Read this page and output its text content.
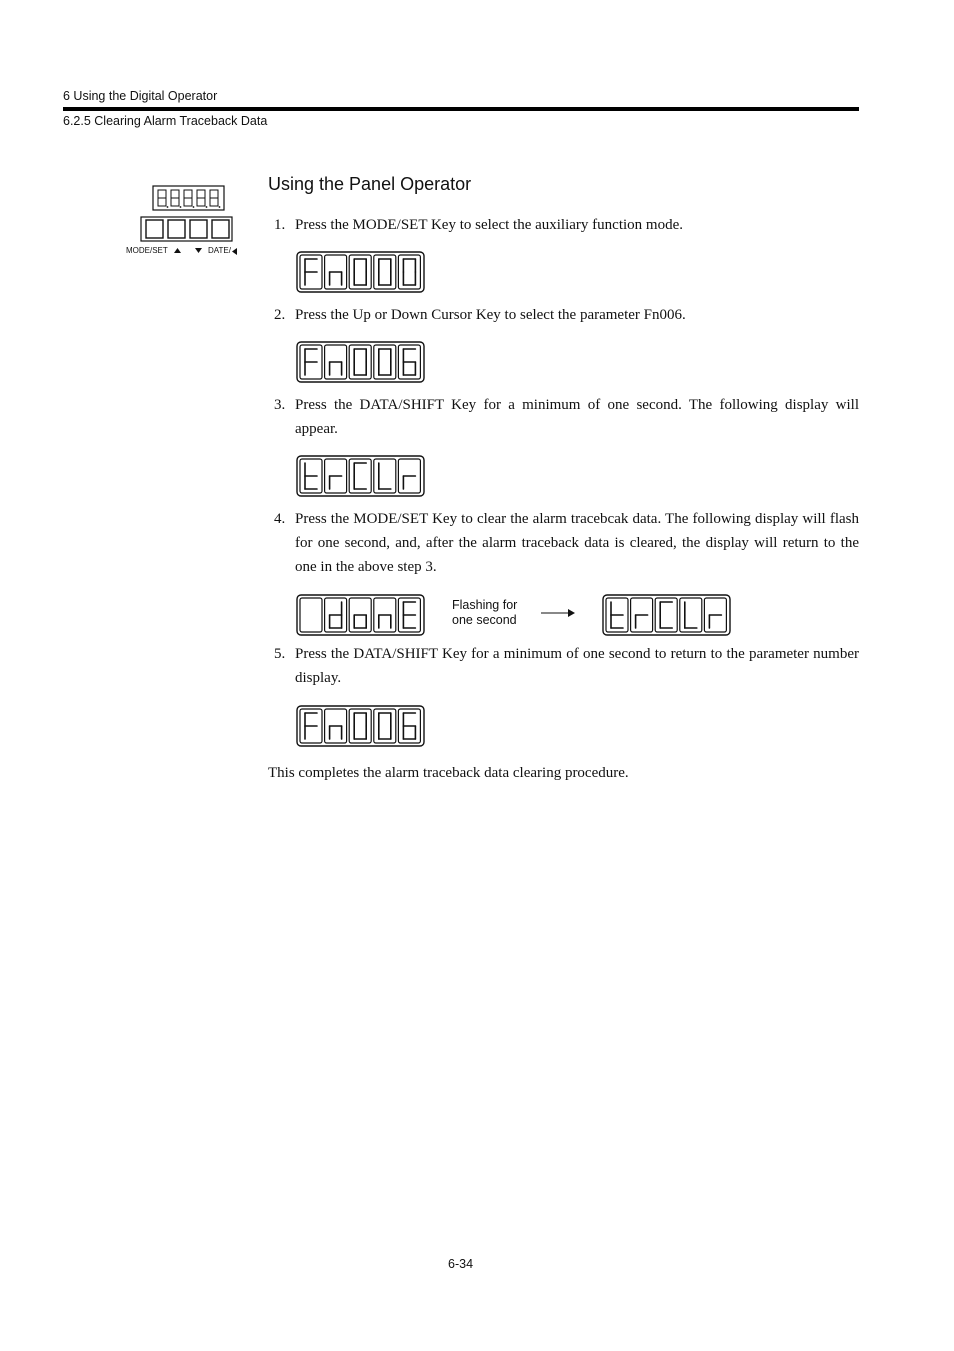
6 Using the Digital Operator
6.2.5 Clearing Alarm Traceback Data
MODE/SET	DATE/
Using the Panel Operator
1. Press the MODE/SET Key to select the auxiliary function mode.
2. Press the Up or Down Cursor Key to select the parameter Fn006.
3. Press the DATA/SHIFT Key for a minimum of one second. The following display will appear.
4. Press the MODE/SET Key to clear the alarm tracebcak data. The following display will flash for one second, and, after the alarm traceback data is cleared, the display will return to the one in the above step 3.
Flashing for
one second
5. Press the DATA/SHIFT Key for a minimum of one second to return to the parameter number display.
This completes the alarm traceback data clearing procedure.
6-34
